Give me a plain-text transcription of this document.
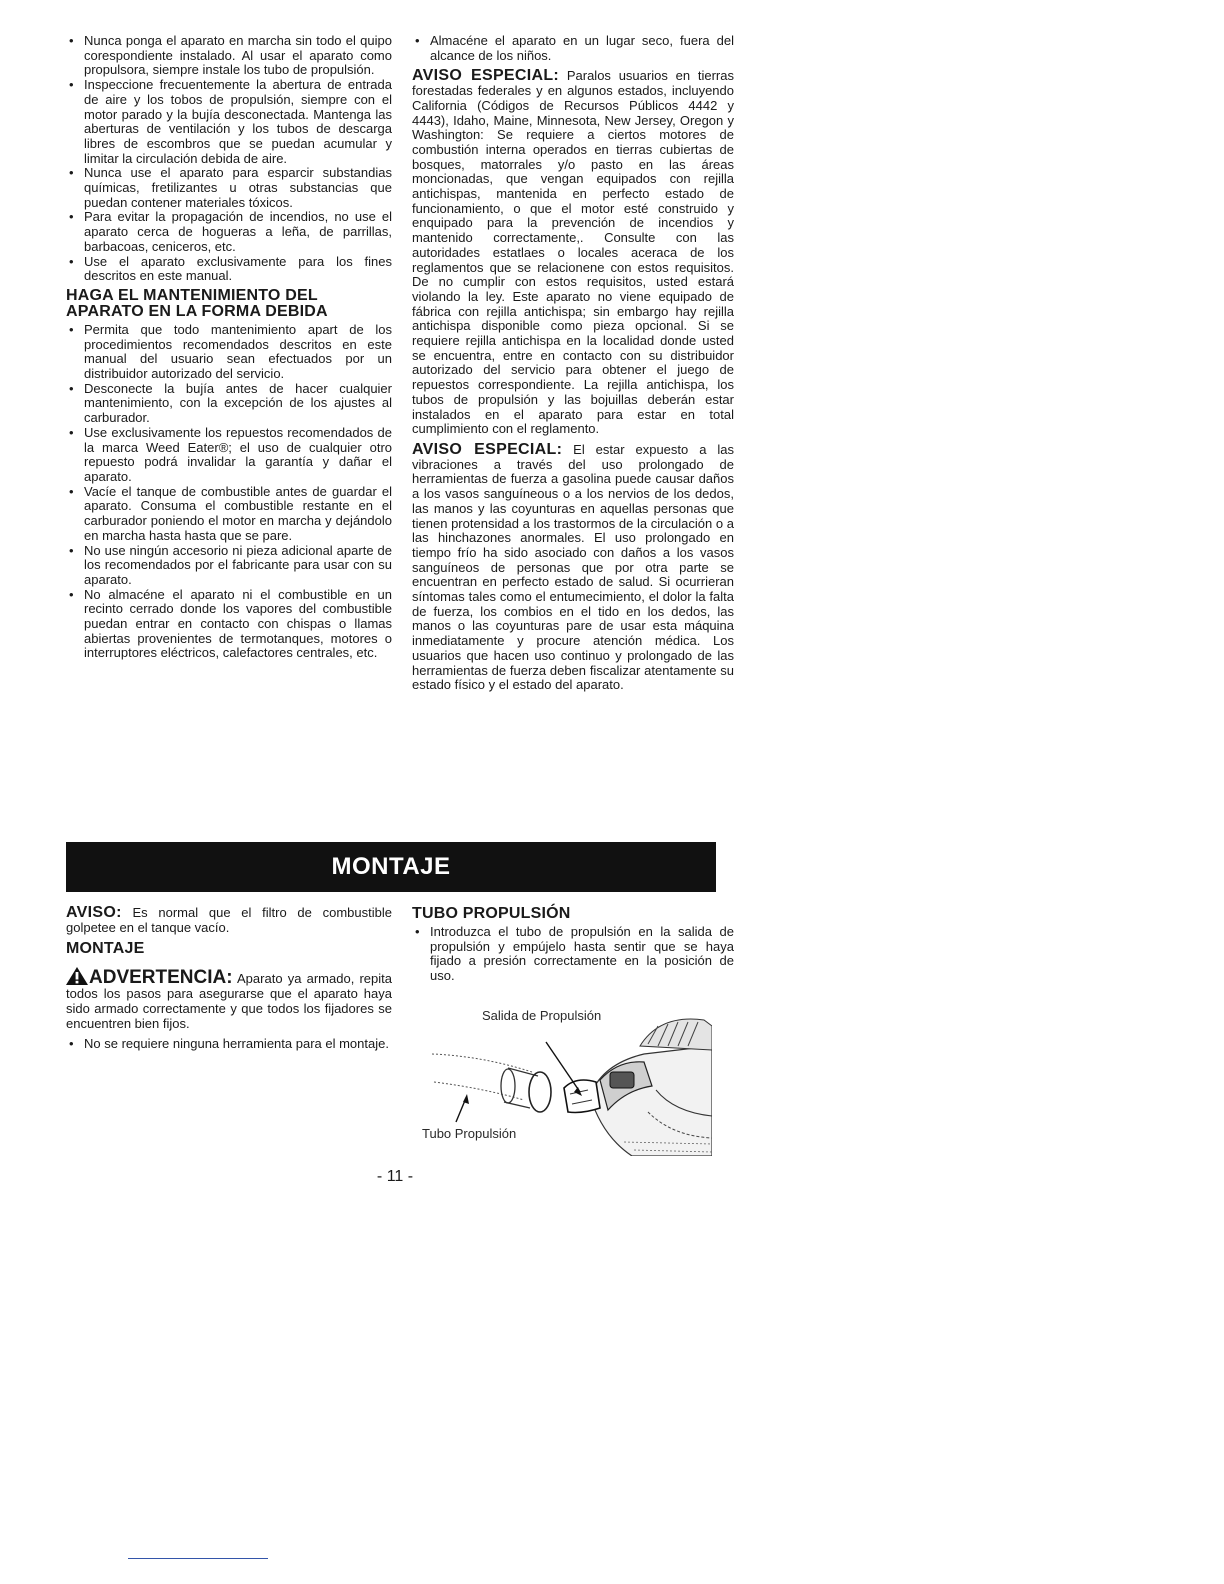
• Nunca ponga el aparato en marcha sin todo el quipo corespondiente instalado. Al usar el aparato como propulsora, siempre instale los tubo de propulsión.
• Inspeccione frecuentemente la abertura de entrada de aire y los tobos de propulsión, siempre con el motor parado y la bujía desconectada. Mantenga las aberturas de ventilación y los tubos de descarga libres de escombros que se puedan acumular y limitar la circulación debida de aire.
• Nunca use el aparato para esparcir substandias químicas, fretilizantes u otras substancias que puedan contener materiales tóxicos.
• Para evitar la propagación de incendios, no use el aparato cerca de hogueras a leña, de parrillas, barbacoas, ceniceros, etc.
• Use el aparato exclusivamente para los fines descritos en este manual.
HAGA EL MANTENIMIENTO DEL
APARATO EN LA FORMA DEBIDA
• Permita que todo mantenimiento apart de los procedimientos recomendados descritos en este manual del usuario sean efectuados por un distribuidor autorizado del servicio.
• Desconecte la bujía antes de hacer cualquier mantenimiento, con la excepción de los ajustes al carburador.
• Use exclusivamente los repuestos recomendados de la marca Weed Eater®; el uso de cualquier otro repuesto podrá invalidar la garantía y dañar el aparato.
• Vacíe el tanque de combustible antes de guardar el aparato. Consuma el combustible restante en el carburador poniendo el motor en marcha y dejándolo en marcha hasta hasta que se pare.
• No use ningún accesorio ni pieza adicional aparte de los recomendados por el fabricante para usar con su aparato.
• No almacéne el aparato ni el combustible en un recinto cerrado donde los vapores del combustible puedan entrar en contacto con chispas o llamas abiertas provenientes de termotanques, motores o interruptores eléctricos, calefactores centrales, etc.
• Almacéne el aparato en un lugar seco, fuera del alcance de los niños.

AVISO ESPECIAL: Paralos usuarios en tierras forestadas federales y en algunos estados, incluyendo California (Códigos de Recursos Públicos 4442 y 4443), Idaho, Maine, Minnesota, New Jersey, Oregon y Washington: Se requiere a ciertos motores de combustión interna operados en tierras cubiertas de bosques, matorrales y/o pasto en las áreas moncionadas, que vengan equipados con rejilla antichispas, mantenida en perfecto estado de funcionamiento, o que el motor esté construido y enquipado para la prevención de incendios y mantenido correctamente,. Consulte con las autoridades estatlaes o locales aceraca de los reglamentos que se relacionene con estos requisitos. De no cumplir con estos requisitos, usted estará violando la ley. Este aparato no viene equipado de fábrica con rejilla antichispa; sin embargo hay rejilla antichispa disponible como pieza opcional. Si se requiere rejilla antichispa en la localidad donde usted se encuentra, entre en contacto con su distribuidor autorizado del servicio para obtener el juego de repuestos correspondiente. La rejilla antichispa, los tubos de propulsión y las bojuillas deberán estar instalados en el aparato para estar en total cumplimiento con el reglamento.

AVISO ESPECIAL: El estar expuesto a las vibraciones a través del uso prolongado de herramientas de fuerza a gasolina puede causar daños a los vasos sanguíneous o a los nervios de los dedos, las manos y las coyunturas en aquellas personas que tienen protensidad a los trastormos de la circulación o a las hinchazones anormales. El uso prolongado en tiempo frío ha sido asociado con daños a los vasos sanguíneos de personas que por otra parte se encuentran en perfecto estado de salud. Si ocurrieran síntomas tales como el entumecimiento, el dolor la falta de fuerza, los combios en el tido en los dedos, las manos o las coyunturas pare de usar esta máquina inmediatamente y procure atención médica. Los usuarios que hacen uso continuo y prolongado de las herramientas de fuerza deben fiscalizar atentamente su estado físico y el estado del aparato.

MONTAJE

AVISO: Es normal que el filtro de combustible golpetee en el tanque vacío.

MONTAJE

ADVERTENCIA: Aparato ya armado, repita todos los pasos para asegurarse que el aparato haya sido armado correctamente y que todos los fijadores se encuentren bien fijos.

• No se requiere ninguna herramienta para el montaje.
TUBO PROPULSIÓN
• Introduzca el tubo de propulsión en la salida de propulsión y empújelo hasta sentir que se haya fijado a presión correctamente en la posición de uso.
Salida de Propulsión
Tubo Propulsión
- 11 -
